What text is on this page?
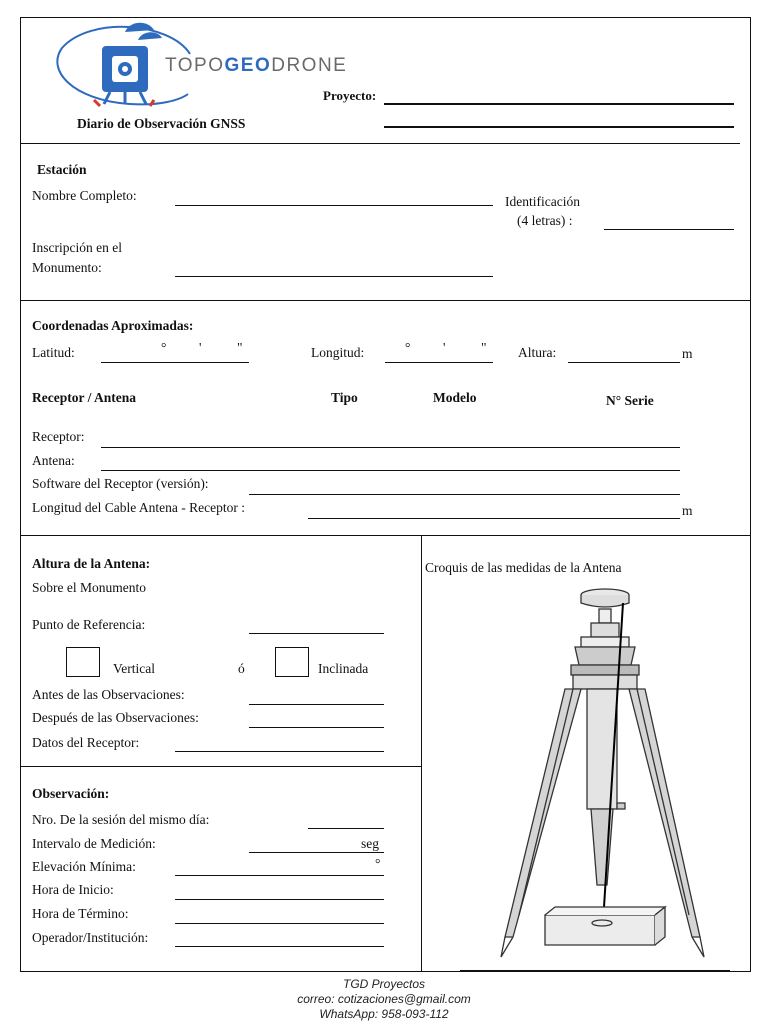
TOPOGEODRONE
Proyecto:
Diario de Observación GNSS
Estación
Nombre Completo:	Identificación
(4 letras) :
Inscripción en el
Monumento:
Coordenadas Aproximadas:
Latitud:	° '	"	Longitud:	° '	" Altura:	m
Receptor / Antena	Tipo	Modelo	N° Serie
Receptor:
Antena:
Software del Receptor (versión):
Longitud del Cable Antena - Receptor :	m
Altura de la Antena:
Sobre el Monumento
Punto de Referencia:
Vertical	ó	Inclinada
Antes de las Observaciones:
Después de las Observaciones:
Datos del Receptor:
Croquis de las medidas de la Antena
Observación:
Nro. De la sesión del mismo día:
Intervalo de Medición:	seg
Elevación Mínima:	°
Hora de Inicio:
Hora de Término:
Operador/Institución:
TGD Proyectos
correo: cotizaciones@gmail.com
WhatsApp: 958-093-112
